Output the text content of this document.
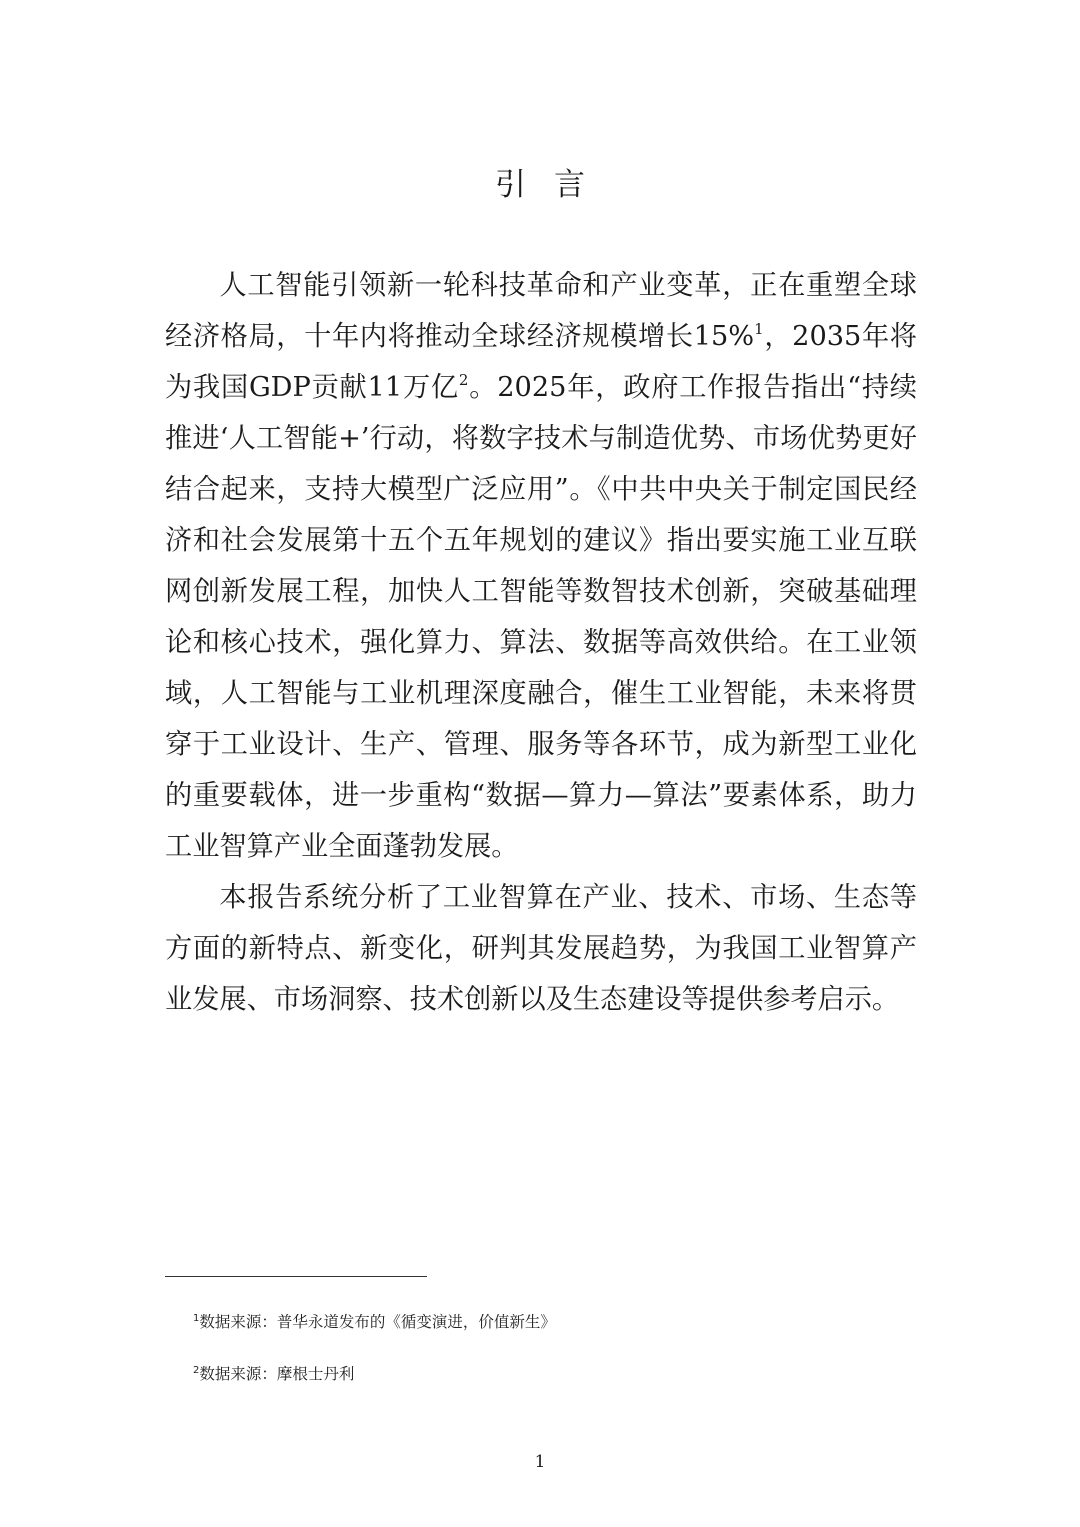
引言

人工智能引领新一轮科技革命和产业变革，正在重塑全球经济格局，十年内将推动全球经济规模增长15%$^1$，2035年将为我国GDP贡献11万亿$^2$。2025年，政府工作报告指出“持续推进‘人工智能+’行动，将数字技术与制造优势、市场优势更好结合起来，支持大模型广泛应用”。《中共中央关于制定国民经济和社会发展第十五个五年规划的建议》指出要实施工业互联网创新发展工程，加快人工智能等数智技术创新，突破基础理论和核心技术，强化算力、算法、数据等高效供给。在工业领域，人工智能与工业机理深度融合，催生工业智能，未来将贯穿于工业设计、生产、管理、服务等各环节，成为新型工业化的重要载体，进一步重构“数据—算力—算法”要素体系，助力工业智算产业全面蓬勃发展。

本报告系统分析了工业智算在产业、技术、市场、生态等方面的新特点、新变化，研判其发展趋势，为我国工业智算产业发展、市场洞察、技术创新以及生态建设等提供参考启示。

$^1$数据来源：普华永道发布的《循变演进，价值新生》
$^2$数据来源：摩根士丹利
1
